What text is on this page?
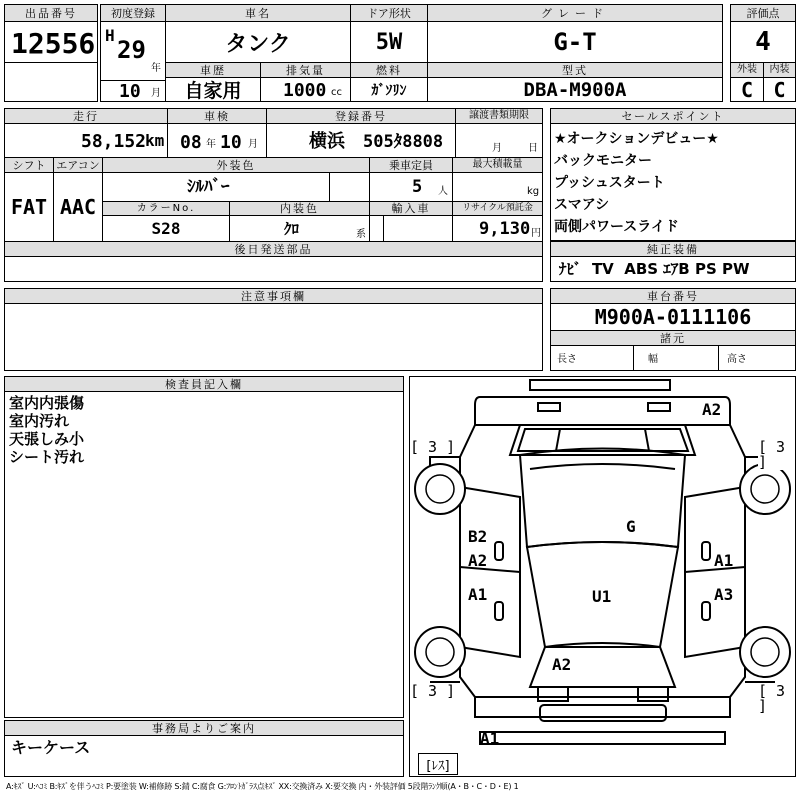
出品番号
12556
初度登録
H
29
年
10 月
車名
タンク
ドア形状
5W
グレード
G-T
評価点
4
車歴
自家用
排気量
1000 cc
燃料
ｶﾞｿﾘﾝ
型式
DBA-M900A
外装	内装
C C
走行
58,152
km
車検
08 年 10 月
登録番号
横浜 505ﾀ8808
譲渡書類期限
月	日
セールスポイント
★オークションデビュー★
バックモニター
プッシュスタート
スマアシ
両側パワースライド
シフト
FAT
エアコン
AAC
外装色
ｼﾙﾊﾞｰ
乗車定員
5 人
最大積載量
kg
カラーNo.
S28
内装色
ｸﾛ	系
輸入車	リサイクル預託金
9,130 円
後日発送部品	純正装備
ﾅﾋﾞ  TV  ABS ｴｱB PS PW
注意事項欄	車台番号
M900A-0111106
諸元
長さ	幅	高さ
検査員記入欄
室内内張傷
室内汚れ
天張しみ小
シート汚れ
事務局よりご案内
キーケース
A2
G
B2
A2
A1
A1
A3
U1
A2
A1
[ 3 ]	[ 3 ]
[ 3 ]	[ 3 ]
[ﾚｽ]
A:ｷｽﾞ U:ﾍｺﾐ B:ｷｽﾞを伴うﾍｺﾐ P:要塗装 W:補修跡 S:錆 C:腐食 G:ﾌﾛﾝﾄｶﾞﾗｽ点ｷｽﾞ XX:交換済み X:要交換 内・外装評価 5段階ﾗﾝｸ順(A・B・C・D・E) 1
